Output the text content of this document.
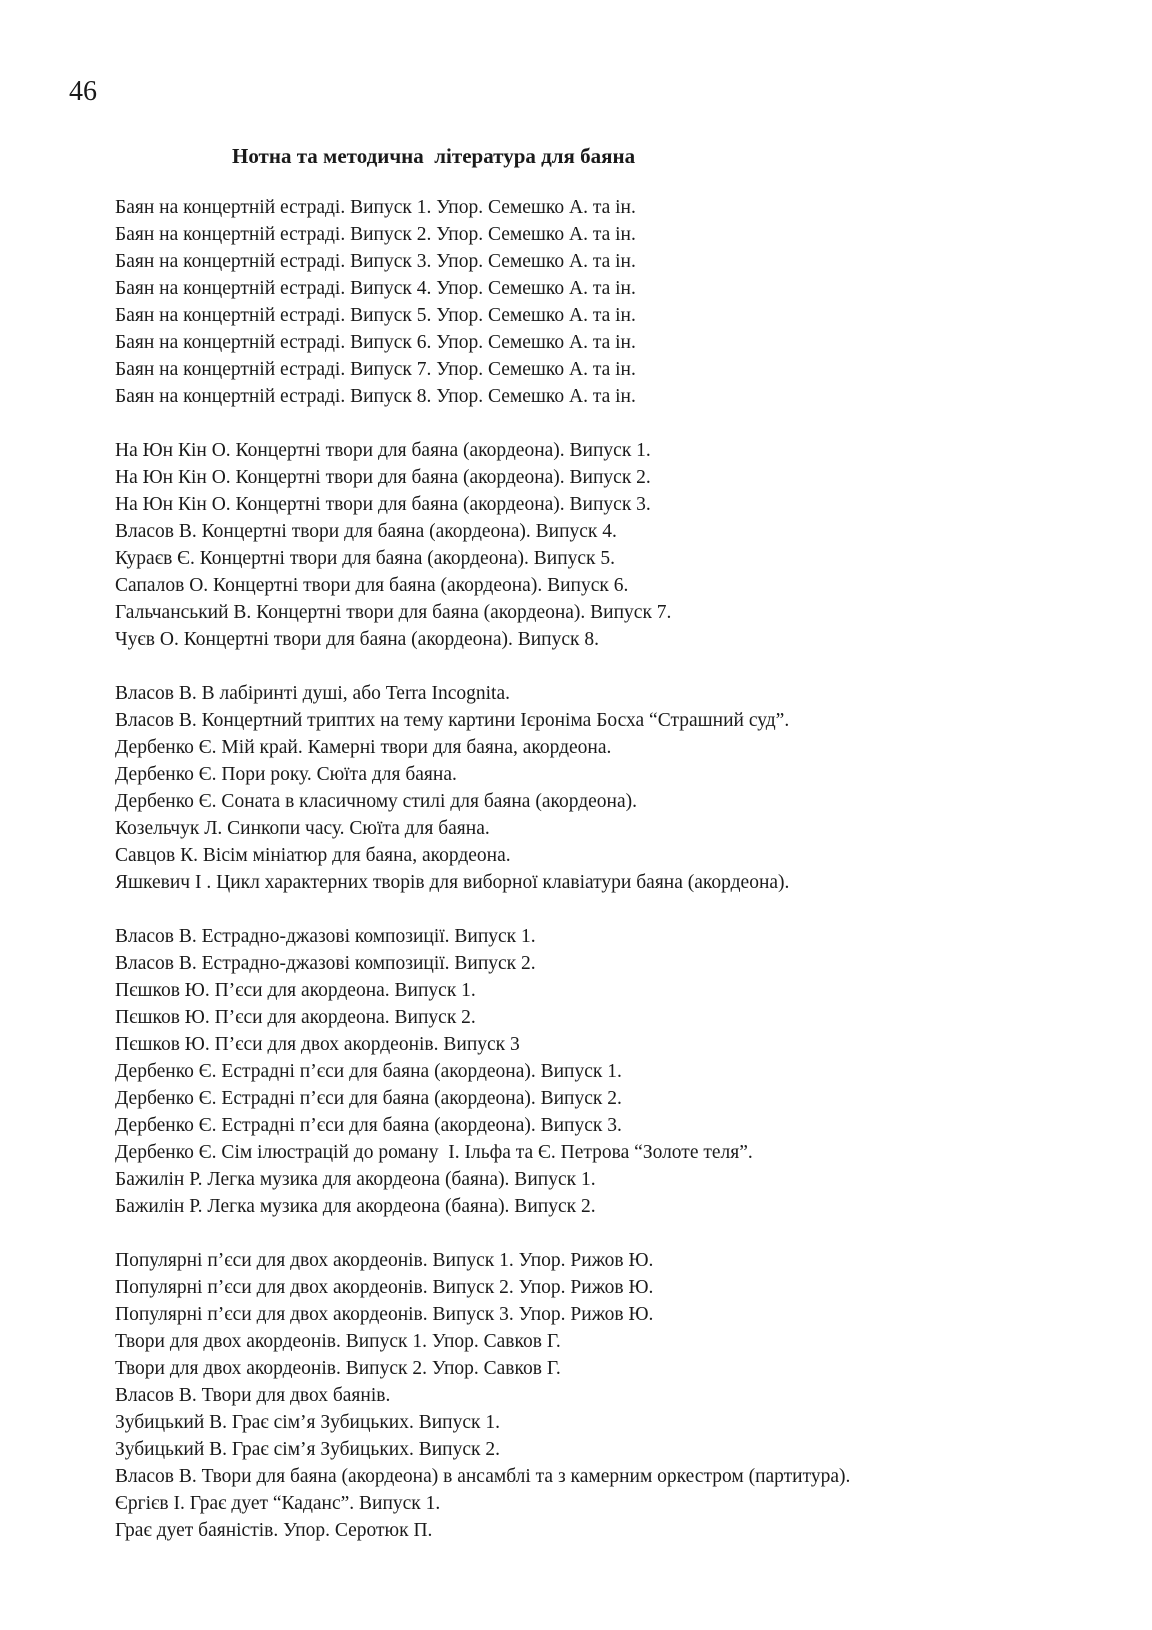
46
Нотна та методична  література для баяна
Баян на концертній естраді. Випуск 1. Упор. Семешко А. та ін.
Баян на концертній естраді. Випуск 2. Упор. Семешко А. та ін.
Баян на концертній естраді. Випуск 3. Упор. Семешко А. та ін.
Баян на концертній естраді. Випуск 4. Упор. Семешко А. та ін.
Баян на концертній естраді. Випуск 5. Упор. Семешко А. та ін.
Баян на концертній естраді. Випуск 6. Упор. Семешко А. та ін.
Баян на концертній естраді. Випуск 7. Упор. Семешко А. та ін.
Баян на концертній естраді. Випуск 8. Упор. Семешко А. та ін.
На Юн Кін О. Концертні твори для баяна (акордеона). Випуск 1.
На Юн Кін О. Концертні твори для баяна (акордеона). Випуск 2.
На Юн Кін О. Концертні твори для баяна (акордеона). Випуск 3.
Власов В. Концертні твори для баяна (акордеона). Випуск 4.
Кураєв Є. Концертні твори для баяна (акордеона). Випуск 5.
Сапалов О. Концертні твори для баяна (акордеона). Випуск 6.
Гальчанський В. Концертні твори для баяна (акордеона). Випуск 7.
Чуєв О. Концертні твори для баяна (акордеона). Випуск 8.
Власов В. В лабіринті душі, або Terra Incognita.
Власов В. Концертний триптих на тему картини Ієроніма Босха “Страшний суд”.
Дербенко Є. Мій край. Камерні твори для баяна, акордеона.
Дербенко Є. Пори року. Сюїта для баяна.
Дербенко Є. Соната в класичному стилі для баяна (акордеона).
Козельчук Л. Синкопи часу. Сюїта для баяна.
Савцов К. Вісім мініатюр для баяна, акордеона.
Яшкевич І . Цикл характерних творів для виборної клавіатури баяна (акордеона).
Власов В. Естрадно-джазові композиції. Випуск 1.
Власов В. Естрадно-джазові композиції. Випуск 2.
Пєшков Ю. П’єси для акордеона. Випуск 1.
Пєшков Ю. П’єси для акордеона. Випуск 2.
Пєшков Ю. П’єси для двох акордеонів. Випуск 3
Дербенко Є. Естрадні п’єси для баяна (акордеона). Випуск 1.
Дербенко Є. Естрадні п’єси для баяна (акордеона). Випуск 2.
Дербенко Є. Естрадні п’єси для баяна (акордеона). Випуск 3.
Дербенко Є. Сім ілюстрацій до роману  І. Ільфа та Є. Петрова “Золоте теля”.
Бажилін Р. Легка музика для акордеона (баяна). Випуск 1.
Бажилін Р. Легка музика для акордеона (баяна). Випуск 2.
Популярні п’єси для двох акордеонів. Випуск 1. Упор. Рижов Ю.
Популярні п’єси для двох акордеонів. Випуск 2. Упор. Рижов Ю.
Популярні п’єси для двох акордеонів. Випуск 3. Упор. Рижов Ю.
Твори для двох акордеонів. Випуск 1. Упор. Савков Г.
Твори для двох акордеонів. Випуск 2. Упор. Савков Г.
Власов В. Твори для двох баянів.
Зубицький В. Грає сім’я Зубицьких. Випуск 1.
Зубицький В. Грає сім’я Зубицьких. Випуск 2.
Власов В. Твори для баяна (акордеона) в ансамблі та з камерним оркестром (партитура).
Єргієв І. Грає дует “Каданс”. Випуск 1.
Грає дует баяністів. Упор. Серотюк П.
